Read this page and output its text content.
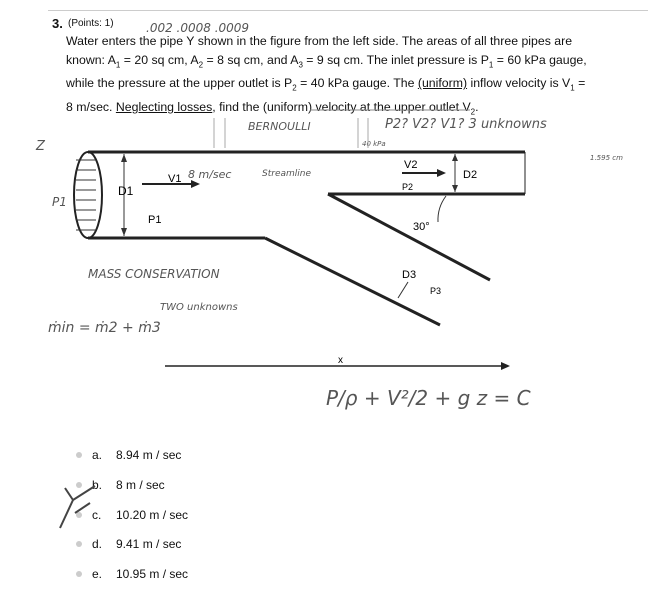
3. (Points: 1)
Water enters the pipe Y shown in the figure from the left side. The areas of all three pipes are
known: $A_1 = 20$ sq cm, $A_2 = 8$ sq cm, and $A_3 = 9$ sq cm. The inlet pressure is $P_1 = 60$ kPa gauge,
while the pressure at the upper outlet is $P_2 = 40$ kPa gauge. The (uniform) inflow velocity is $V_1$ =
8 m/sec. Neglecting losses, find the (uniform) velocity at the upper outlet $V_2$.
.002 .0008 .0009
BERNOULLI	P2? V2? V1? 3 unknowns
40 kPa
Z
P1
8 m/sec	Streamline
1.595 cm
MASS CONSERVATION
TWO unknowns
ṁin = ṁ2 + ṁ3
P/ρ + V²/2 + g z = C
D1
V1
P1
V2
D2
P2
30°
D3
P3
x
a.	8.94 m / sec
b.	8 m / sec
c.	10.20 m / sec
d.	9.41 m / sec
e.	10.95 m / sec
